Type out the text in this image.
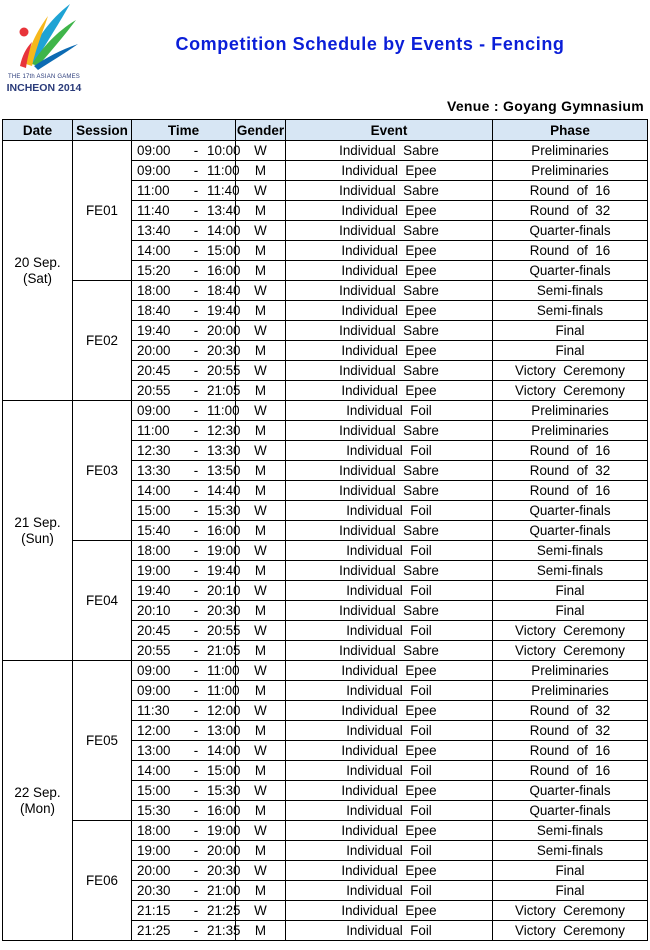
THE 17th ASIAN GAMES
INCHEON 2014
Competition Schedule by Events - Fencing
Venue : Goyang Gymnasium
Date	Session	Time	Gender	Event	Phase

20 Sep.
(Sat)	FE01	09:00 - 10:00	W	Individual  Sabre	Preliminaries
		09:00 - 11:00	M	Individual  Epee	Preliminaries
		11:00 - 11:40	W	Individual  Sabre	Round  of  16
		11:40 - 13:40	M	Individual  Epee	Round  of  32
		13:40 - 14:00	W	Individual  Sabre	Quarter-finals
		14:00 - 15:00	M	Individual  Epee	Round  of  16
		15:20 - 16:00	M	Individual  Epee	Quarter-finals
	FE02	18:00 - 18:40	W	Individual  Sabre	Semi-finals
		18:40 - 19:40	M	Individual  Epee	Semi-finals
		19:40 - 20:00	W	Individual  Sabre	Final
		20:00 - 20:30	M	Individual  Epee	Final
		20:45 - 20:55	W	Individual  Sabre	Victory  Ceremony
		20:55 - 21:05	M	Individual  Epee	Victory  Ceremony

21 Sep.
(Sun)	FE03	09:00 - 11:00	W	Individual  Foil	Preliminaries
		11:00 - 12:30	M	Individual  Sabre	Preliminaries
		12:30 - 13:30	W	Individual  Foil	Round  of  16
		13:30 - 13:50	M	Individual  Sabre	Round  of  32
		14:00 - 14:40	M	Individual  Sabre	Round  of  16
		15:00 - 15:30	W	Individual  Foil	Quarter-finals
		15:40 - 16:00	M	Individual  Sabre	Quarter-finals
	FE04	18:00 - 19:00	W	Individual  Foil	Semi-finals
		19:00 - 19:40	M	Individual  Sabre	Semi-finals
		19:40 - 20:10	W	Individual  Foil	Final
		20:10 - 20:30	M	Individual  Sabre	Final
		20:45 - 20:55	W	Individual  Foil	Victory  Ceremony
		20:55 - 21:05	M	Individual  Sabre	Victory  Ceremony

22 Sep.
(Mon)	FE05	09:00 - 11:00	W	Individual  Epee	Preliminaries
		09:00 - 11:00	M	Individual  Foil	Preliminaries
		11:30 - 12:00	W	Individual  Epee	Round  of  32
		12:00 - 13:00	M	Individual  Foil	Round  of  32
		13:00 - 14:00	W	Individual  Epee	Round  of  16
		14:00 - 15:00	M	Individual  Foil	Round  of  16
		15:00 - 15:30	W	Individual  Epee	Quarter-finals
		15:30 - 16:00	M	Individual  Foil	Quarter-finals
	FE06	18:00 - 19:00	W	Individual  Epee	Semi-finals
		19:00 - 20:00	M	Individual  Foil	Semi-finals
		20:00 - 20:30	W	Individual  Epee	Final
		20:30 - 21:00	M	Individual  Foil	Final
		21:15 - 21:25	W	Individual  Epee	Victory  Ceremony
		21:25 - 21:35	M	Individual  Foil	Victory  Ceremony
